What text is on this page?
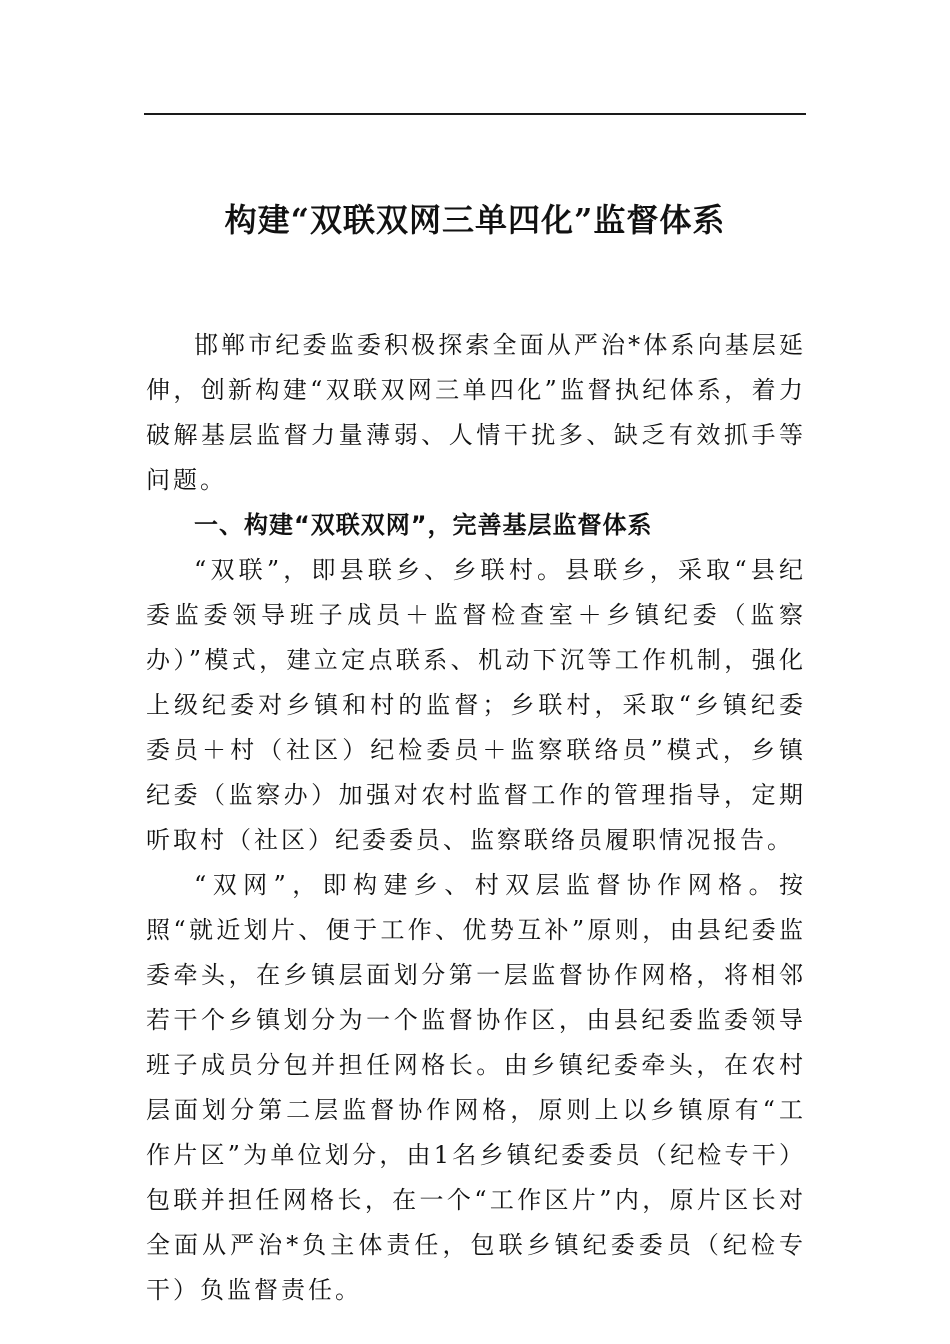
构建“双联双网三单四化”监督体系

邯郸市纪委监委积极探索全面从严治*体系向基层延伸，创新构建“双联双网三单四化”监督执纪体系，着力破解基层监督力量薄弱、人情干扰多、缺乏有效抓手等问题。

一、构建“双联双网”，完善基层监督体系

“双联”，即县联乡、乡联村。县联乡，采取“县纪委监委领导班子成员＋监督检查室＋乡镇纪委（监察办）”模式，建立定点联系、机动下沉等工作机制，强化上级纪委对乡镇和村的监督；乡联村，采取“乡镇纪委委员＋村（社区）纪检委员＋监察联络员”模式，乡镇纪委（监察办）加强对农村监督工作的管理指导，定期听取村（社区）纪委委员、监察联络员履职情况报告。

“双网”，即构建乡、村双层监督协作网格。按照“就近划片、便于工作、优势互补”原则，由县纪委监委牵头，在乡镇层面划分第一层监督协作网格，将相邻若干个乡镇划分为一个监督协作区，由县纪委监委领导班子成员分包并担任网格长。由乡镇纪委牵头，在农村层面划分第二层监督协作网格，原则上以乡镇原有“工作片区”为单位划分，由1名乡镇纪委委员（纪检专干）包联并担任网格长，在一个“工作区片”内，原片区长对全面从严治*负主体责任，包联乡镇纪委委员（纪检专干）负监督责任。
